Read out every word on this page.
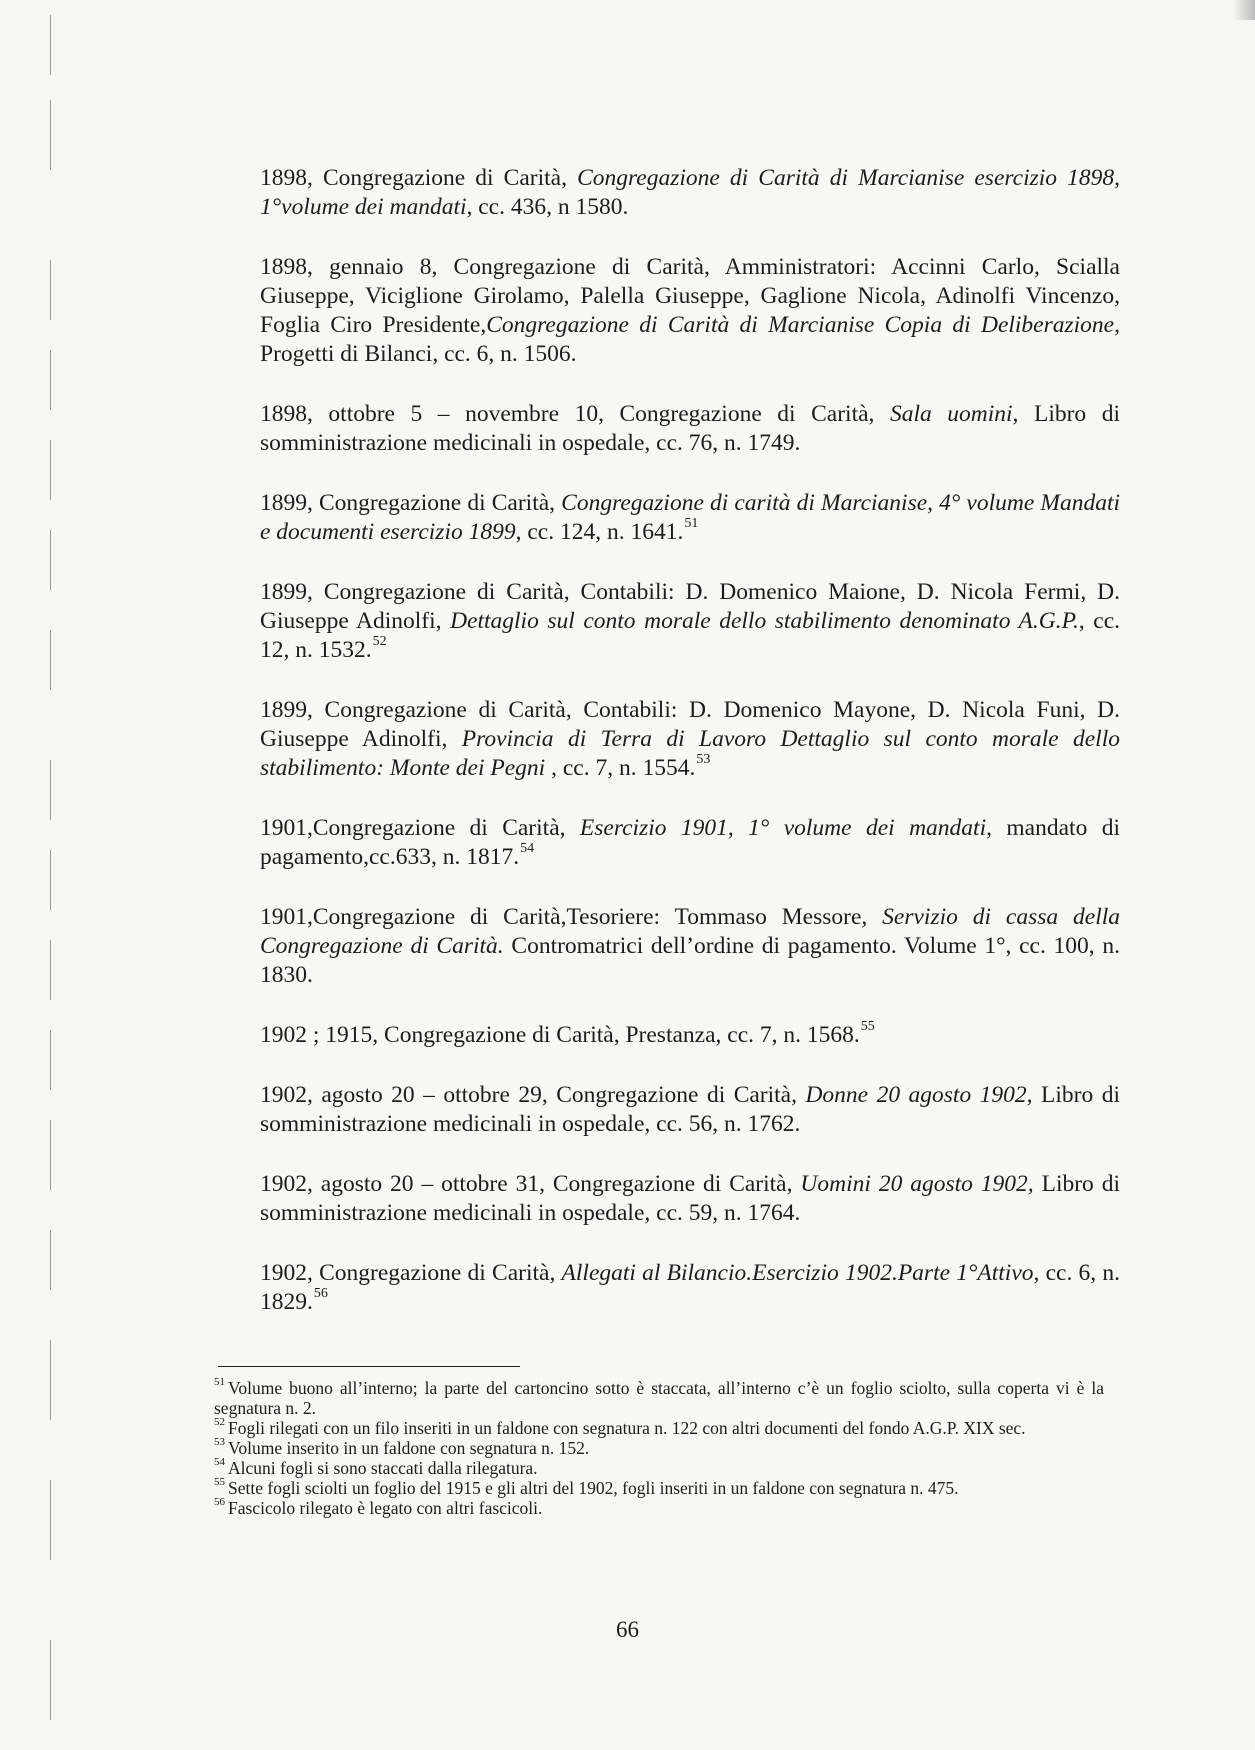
1898, Congregazione di Carità, Congregazione di Carità di Marcianise esercizio 1898, 1°volume dei mandati, cc. 436, n 1580.

1898, gennaio 8, Congregazione di Carità, Amministratori: Accinni Carlo, Scialla Giuseppe, Viciglione Girolamo, Palella Giuseppe, Gaglione Nicola, Adinolfi Vincenzo, Foglia Ciro Presidente,Congregazione di Carità di Marcianise Copia di Deliberazione, Progetti di Bilanci, cc. 6, n. 1506.

1898, ottobre 5 – novembre 10, Congregazione di Carità, Sala uomini, Libro di somministrazione medicinali in ospedale, cc. 76, n. 1749.

1899, Congregazione di Carità, Congregazione di carità di Marcianise, 4° volume Mandati e documenti esercizio 1899, cc. 124, n. 1641.51

1899, Congregazione di Carità, Contabili: D. Domenico Maione, D. Nicola Fermi, D. Giuseppe Adinolfi, Dettaglio sul conto morale dello stabilimento denominato A.G.P., cc. 12, n. 1532.52

1899, Congregazione di Carità, Contabili: D. Domenico Mayone, D. Nicola Funi, D. Giuseppe Adinolfi, Provincia di Terra di Lavoro Dettaglio sul conto morale dello stabilimento: Monte dei Pegni , cc. 7, n. 1554.53

1901,Congregazione di Carità, Esercizio 1901, 1° volume dei mandati, mandato di pagamento,cc.633, n. 1817.54

1901,Congregazione di Carità,Tesoriere: Tommaso Messore, Servizio di cassa della Congregazione di Carità. Contromatrici dell’ordine di pagamento. Volume 1°, cc. 100, n. 1830.

1902 ; 1915, Congregazione di Carità, Prestanza, cc. 7, n. 1568.55

1902, agosto 20 – ottobre 29, Congregazione di Carità, Donne 20 agosto 1902, Libro di somministrazione medicinali in ospedale, cc. 56, n. 1762.

1902, agosto 20 – ottobre 31, Congregazione di Carità, Uomini 20 agosto 1902, Libro di somministrazione medicinali in ospedale, cc. 59, n. 1764.

1902, Congregazione di Carità, Allegati al Bilancio.Esercizio 1902.Parte 1°Attivo, cc. 6, n. 1829.56

$^{51}$ Volume buono all’interno; la parte del cartoncino sotto è staccata, all’interno c’è un foglio sciolto, sulla coperta vi è la segnatura n. 2.
$^{52}$ Fogli rilegati con un filo inseriti in un faldone con segnatura n. 122 con altri documenti del fondo A.G.P. XIX sec.
$^{53}$ Volume inserito in un faldone con segnatura n. 152.
$^{54}$ Alcuni fogli si sono staccati dalla rilegatura.
$^{55}$ Sette fogli sciolti un foglio del 1915 e gli altri del 1902, fogli inseriti in un faldone con segnatura n. 475.
$^{56}$ Fascicolo rilegato è legato con altri fascicoli.
66
